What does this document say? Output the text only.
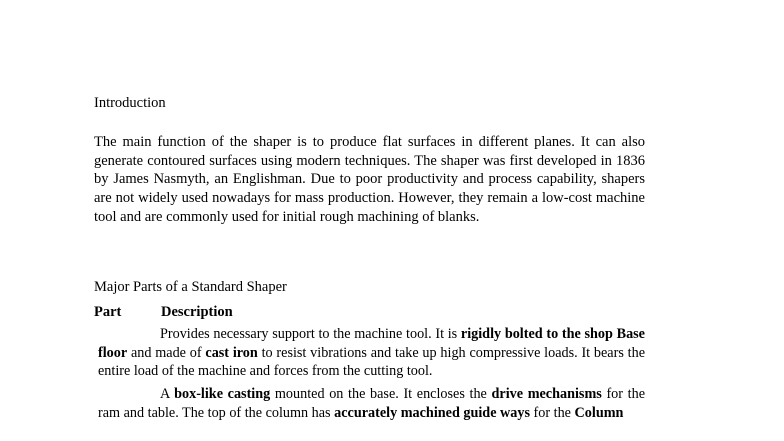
Introduction

The main function of the shaper is to produce flat surfaces in different planes. It can also generate contoured surfaces using modern techniques. The shaper was first developed in 1836 by James Nasmyth, an Englishman. Due to poor productivity and process capability, shapers are not widely used nowadays for mass production. However, they remain a low-cost machine tool and are commonly used for initial rough machining of blanks.

Major Parts of a Standard Shaper
Part	Description

Provides necessary support to the machine tool. It is rigidly bolted to the shop Base floor and made of cast iron to resist vibrations and take up high compressive loads. It bears the entire load of the machine and forces from the cutting tool.

A box-like casting mounted on the base. It encloses the drive mechanisms for the ram and table. The top of the column has accurately machined guide ways for the Column
